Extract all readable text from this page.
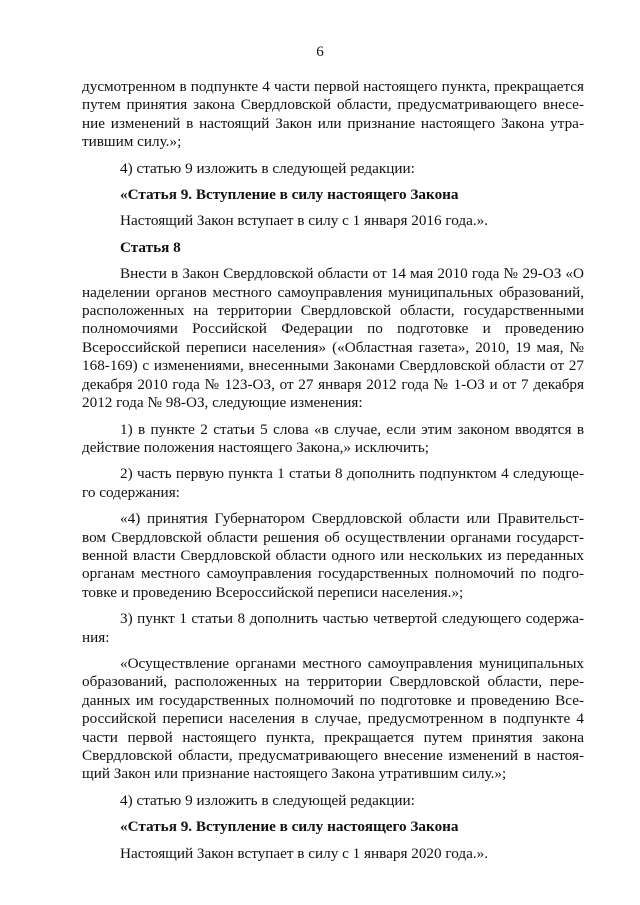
6

дусмотренном в подпункте 4 части первой настоящего пункта, прекращается путем принятия закона Свердловской области, предусматривающего внесение изменений в настоящий Закон или признание настоящего Закона утратившим силу.»;

4) статью 9 изложить в следующей редакции:

«Статья 9. Вступление в силу настоящего Закона

Настоящий Закон вступает в силу с 1 января 2016 года.».

Статья 8

Внести в Закон Свердловской области от 14 мая 2010 года № 29-ОЗ «О наделении органов местного самоуправления муниципальных образований, расположенных на территории Свердловской области, государственными полномочиями Российской Федерации по подготовке и проведению Всероссийской переписи населения» («Областная газета», 2010, 19 мая, № 168-169) с изменениями, внесенными Законами Свердловской области от 27 декабря 2010 года № 123-ОЗ, от 27 января 2012 года № 1-ОЗ и от 7 декабря 2012 года № 98-ОЗ, следующие изменения:

1) в пункте 2 статьи 5 слова «в случае, если этим законом вводятся в действие положения настоящего Закона,» исключить;

2) часть первую пункта 1 статьи 8 дополнить подпунктом 4 следующего содержания:

«4) принятия Губернатором Свердловской области или Правительством Свердловской области решения об осуществлении органами государственной власти Свердловской области одного или нескольких из переданных органам местного самоуправления государственных полномочий по подготовке и проведению Всероссийской переписи населения.»;

3) пункт 1 статьи 8 дополнить частью четвертой следующего содержания:

«Осуществление органами местного самоуправления муниципальных образований, расположенных на территории Свердловской области, переданных им государственных полномочий по подготовке и проведению Всероссийской переписи населения в случае, предусмотренном в подпункте 4 части первой настоящего пункта, прекращается путем принятия закона Свердловской области, предусматривающего внесение изменений в настоящий Закон или признание настоящего Закона утратившим силу.»;

4) статью 9 изложить в следующей редакции:

«Статья 9. Вступление в силу настоящего Закона

Настоящий Закон вступает в силу с 1 января 2020 года.».
